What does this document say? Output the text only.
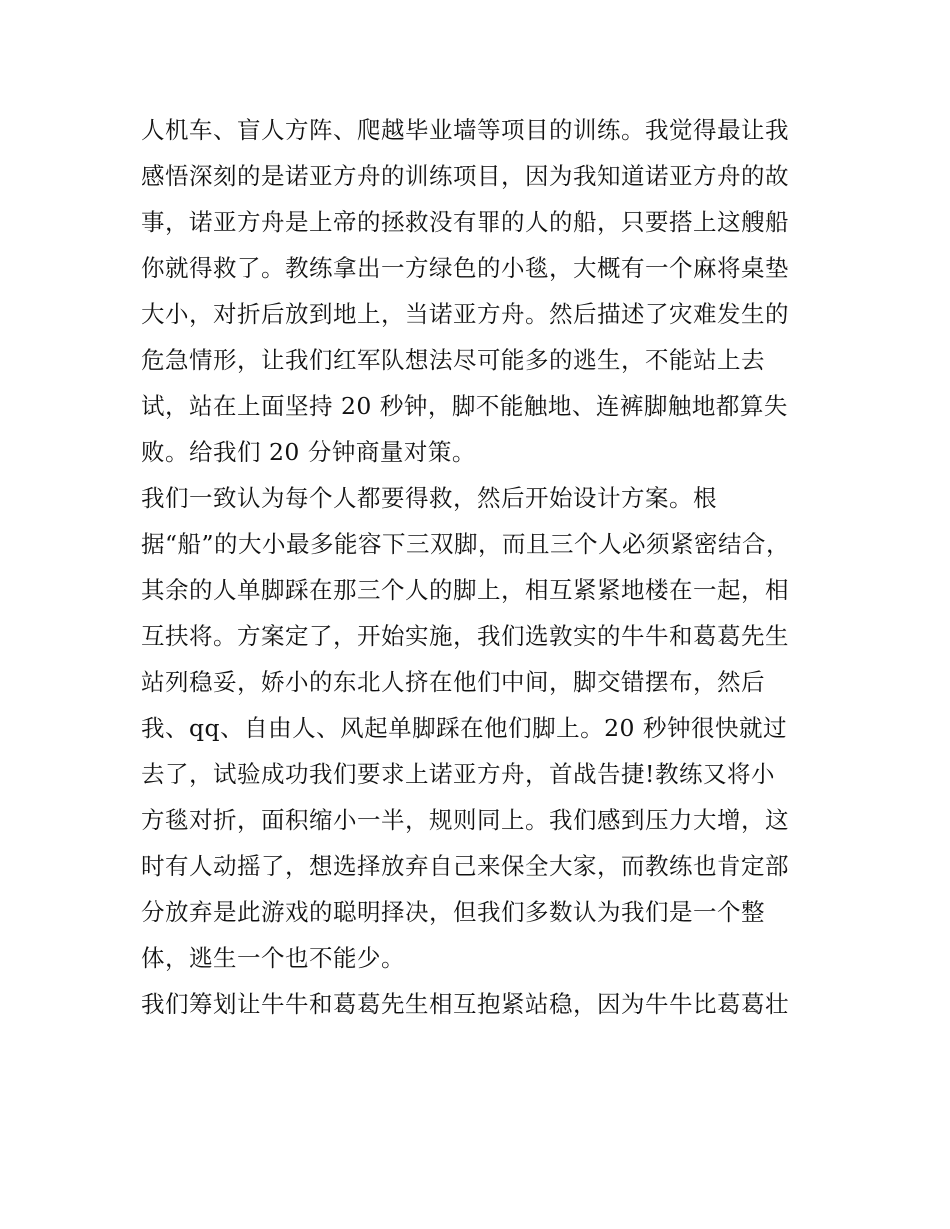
人机车、盲人方阵、爬越毕业墙等项目的训练。我觉得最让我
感悟深刻的是诺亚方舟的训练项目，因为我知道诺亚方舟的故
事，诺亚方舟是上帝的拯救没有罪的人的船，只要搭上这艘船
你就得救了。教练拿出一方绿色的小毯，大概有一个麻将桌垫
大小，对折后放到地上，当诺亚方舟。然后描述了灾难发生的
危急情形，让我们红军队想法尽可能多的逃生，不能站上去
试，站在上面坚持 20 秒钟，脚不能触地、连裤脚触地都算失
败。给我们 20 分钟商量对策。
我们一致认为每个人都要得救，然后开始设计方案。根
据“船”的大小最多能容下三双脚，而且三个人必须紧密结合，
其余的人单脚踩在那三个人的脚上，相互紧紧地楼在一起，相
互扶将。方案定了，开始实施，我们选敦实的牛牛和葛葛先生
站列稳妥，娇小的东北人挤在他们中间，脚交错摆布，然后
我、qq、自由人、风起单脚踩在他们脚上。20 秒钟很快就过
去了，试验成功我们要求上诺亚方舟，首战告捷!教练又将小
方毯对折，面积缩小一半，规则同上。我们感到压力大增，这
时有人动摇了，想选择放弃自己来保全大家，而教练也肯定部
分放弃是此游戏的聪明择决，但我们多数认为我们是一个整
体，逃生一个也不能少。
我们筹划让牛牛和葛葛先生相互抱紧站稳，因为牛牛比葛葛壮
